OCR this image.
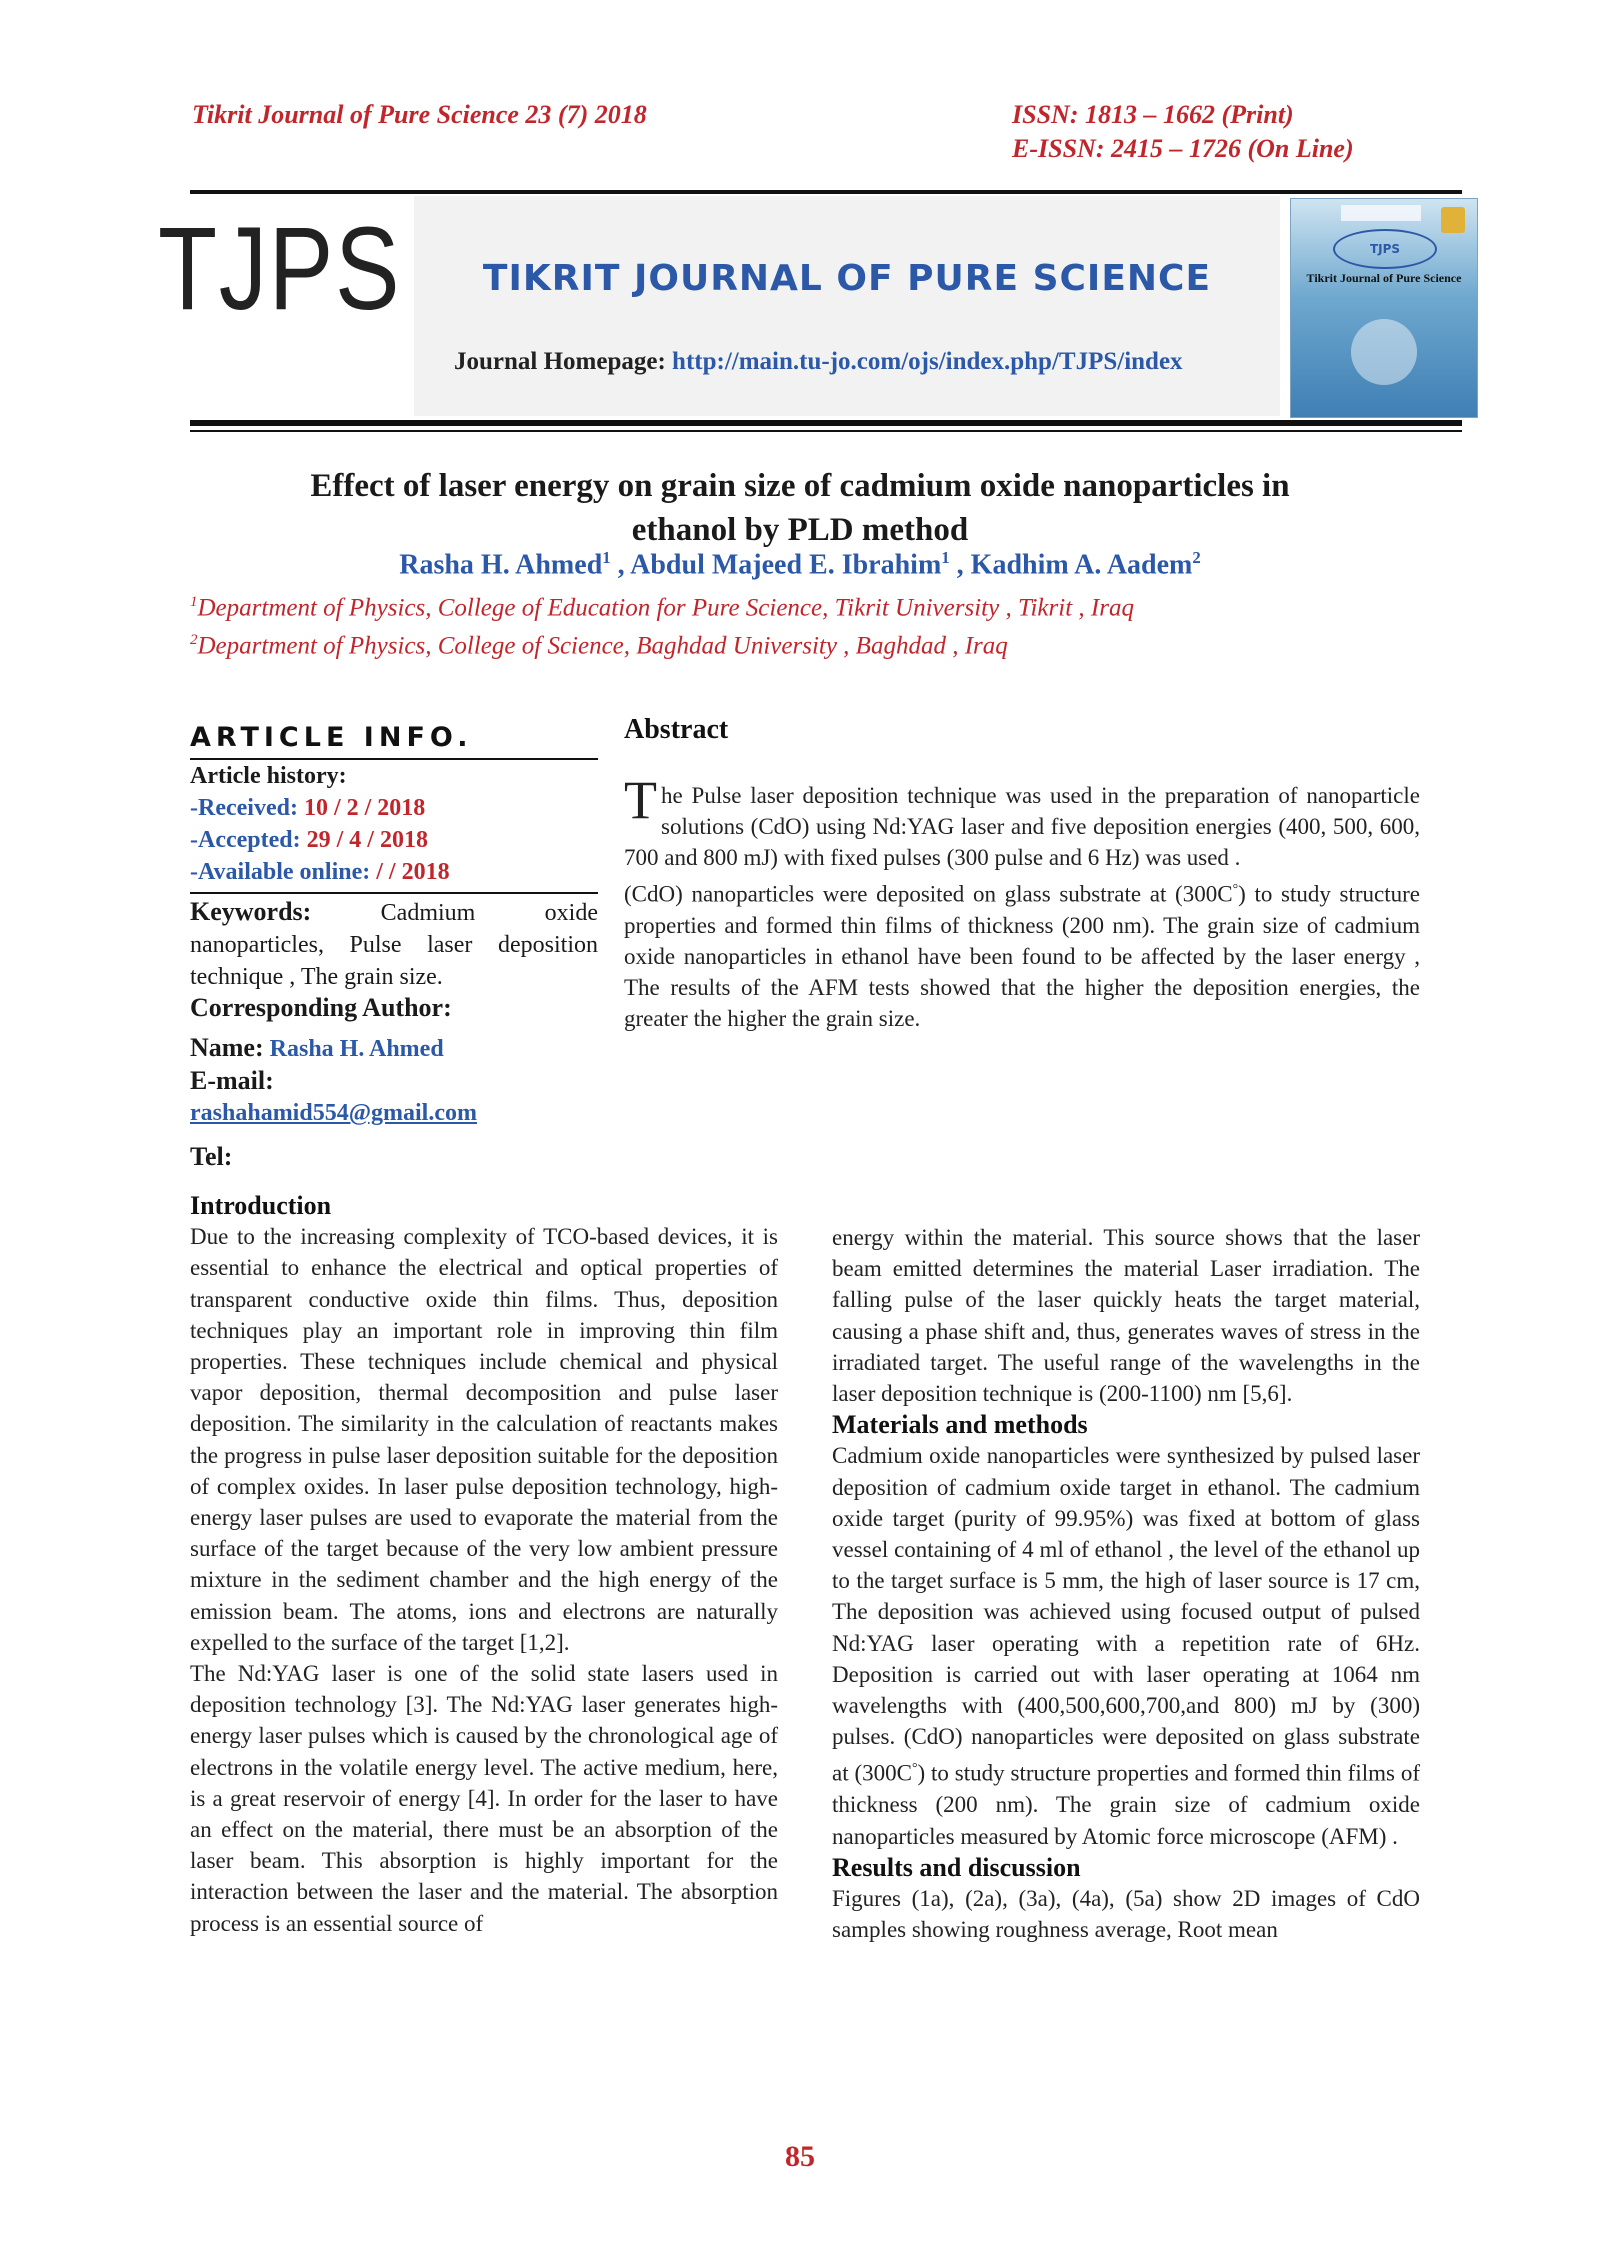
Tikrit Journal of Pure Science 23 (7) 2018	ISSN: 1813 – 1662 (Print)
E-ISSN: 2415 – 1726 (On Line)
TJPS	TIKRIT JOURNAL OF PURE SCIENCE
Journal Homepage: http://main.tu-jo.com/ojs/index.php/TJPS/index
TJPS
Tikrit Journal of Pure Science

Effect of laser energy on grain size of cadmium oxide nanoparticles in
ethanol by PLD method
Rasha H. Ahmed$^1$ , Abdul Majeed E. Ibrahim$^1$ , Kadhim A. Aadem$^2$
$^1$Department of Physics, College of Education for Pure Science, Tikrit University , Tikrit , Iraq
$^2$Department of Physics, College of Science, Baghdad University , Baghdad , Iraq
ARTICLE INFO.
Article history:
-Received: 10 / 2 / 2018
-Accepted: 29 / 4 / 2018
-Available online: / / 2018
Keywords:	Cadmium oxide nanoparticles, Pulse laser deposition technique , The grain size.
Corresponding Author:
Name: Rasha H. Ahmed
E-mail:
rashahamid554@gmail.com
Tel:
Abstract
The Pulse laser deposition technique was used in the preparation of nanoparticle solutions (CdO) using Nd:YAG laser and five deposition energies (400, 500, 600, 700 and 800 mJ) with fixed pulses (300 pulse and 6 Hz) was used .
(CdO) nanoparticles were deposited on glass substrate at (300C°) to study structure properties and formed thin films of thickness (200 nm). The grain size of cadmium oxide nanoparticles in ethanol have been found to be affected by the laser energy , The results of the AFM tests showed that the higher the deposition energies, the greater the higher the grain size.
Introduction
Due to the increasing complexity of TCO-based devices, it is essential to enhance the electrical and optical properties of transparent conductive oxide thin films. Thus, deposition techniques play an important role in improving thin film properties. These techniques include chemical and physical vapor deposition, thermal decomposition and pulse laser deposition. The similarity in the calculation of reactants makes the progress in pulse laser deposition suitable for the deposition of complex oxides. In laser pulse deposition technology, high-energy laser pulses are used to evaporate the material from the surface of the target because of the very low ambient pressure mixture in the sediment chamber and the high energy of the emission beam. The atoms, ions and electrons are naturally expelled to the surface of the target [1,2].
The Nd:YAG laser is one of the solid state lasers used in deposition technology [3]. The Nd:YAG laser generates high-energy laser pulses which is caused by the chronological age of electrons in the volatile energy level. The active medium, here, is a great reservoir of energy [4]. In order for the laser to have an effect on the material, there must be an absorption of the laser beam. This absorption is highly important for the interaction between the laser and the material. The absorption process is an essential source of
energy within the material. This source shows that the laser beam emitted determines the material Laser irradiation. The falling pulse of the laser quickly heats the target material, causing a phase shift and, thus, generates waves of stress in the irradiated target. The useful range of the wavelengths in the laser deposition technique is (200-1100) nm [5,6].
Materials and methods
Cadmium oxide nanoparticles were synthesized by pulsed laser deposition of cadmium oxide target in ethanol. The cadmium oxide target (purity of 99.95%) was fixed at bottom of glass vessel containing of 4 ml of ethanol , the level of the ethanol up to the target surface is 5 mm, the high of laser source is 17 cm, The deposition was achieved using focused output of pulsed Nd:YAG laser operating with a repetition rate of 6Hz. Deposition is carried out with laser operating at 1064 nm wavelengths with (400,500,600,700,and 800) mJ by (300) pulses. (CdO) nanoparticles were deposited on glass substrate at (300C°) to study structure properties and formed thin films of thickness (200 nm). The grain size of cadmium oxide nanoparticles measured by Atomic force microscope (AFM) .
Results and discussion
Figures (1a), (2a), (3a), (4a), (5a) show 2D images of CdO samples showing roughness average, Root mean
85
